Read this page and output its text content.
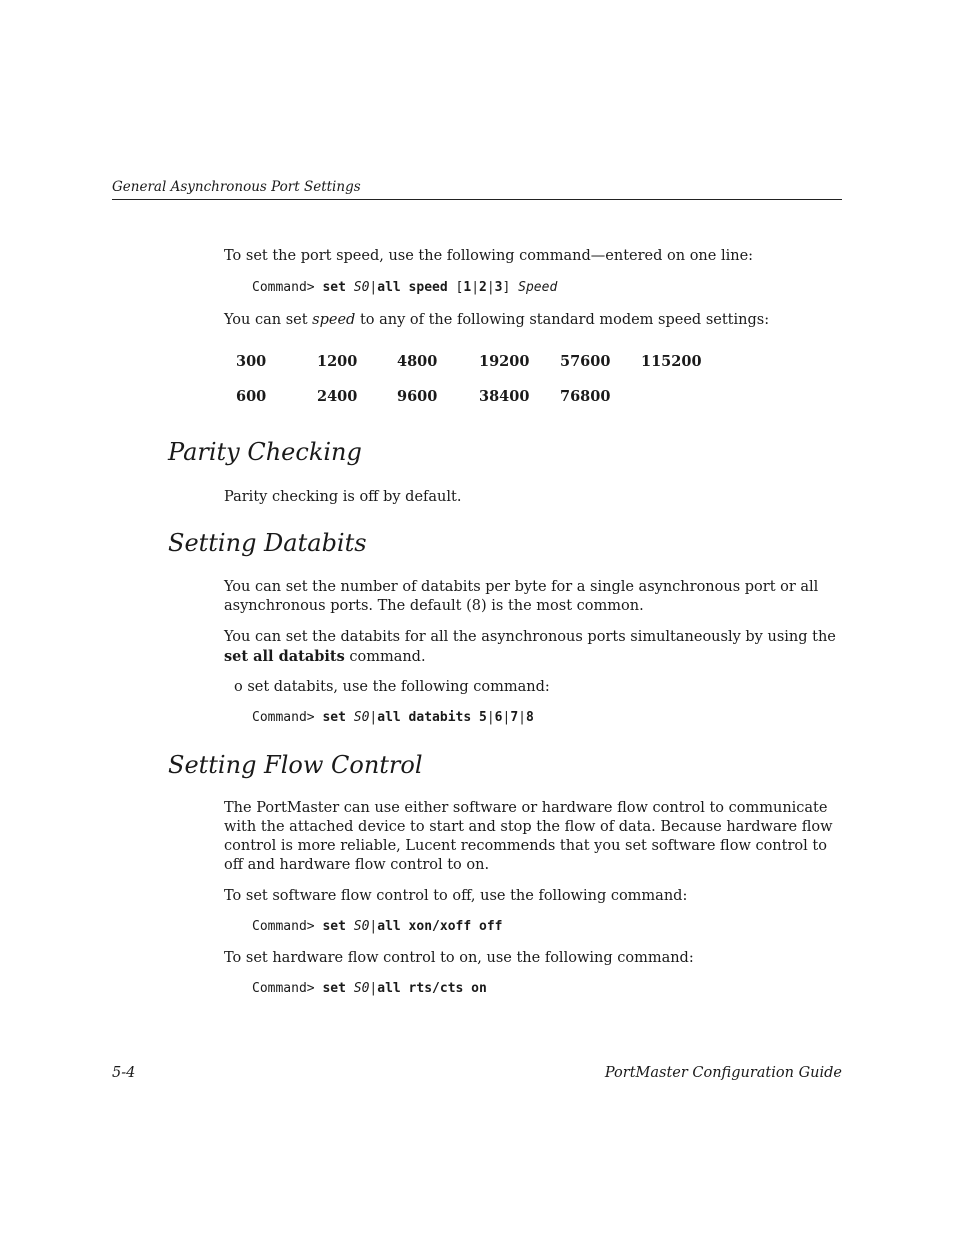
General Asynchronous Port Settings
To set the port speed, use the following command—entered on one line:
Command> set S0|all speed [1|2|3] Speed
You can set speed to any of the following standard modem speed settings:
300	1200	4800	19200 57600 115200
600	2400	9600	38400 76800
Parity Checking
Parity checking is off by default.
Setting Databits
You can set the number of databits per byte for a single asynchronous port or all asynchronous ports. The default (8) is the most common.
You can set the databits for all the asynchronous ports simultaneously by using the set all databits command.
o set databits, use the following command:
Command> set S0|all databits 5|6|7|8
Setting Flow Control
The PortMaster can use either software or hardware flow control to communicate with the attached device to start and stop the flow of data. Because hardware flow control is more reliable, Lucent recommends that you set software flow control to off and hardware flow control to on.
To set software flow control to off, use the following command:
Command> set S0|all xon/xoff off
To set hardware flow control to on, use the following command:
Command> set S0|all rts/cts on
5-4	PortMaster Configuration Guide
